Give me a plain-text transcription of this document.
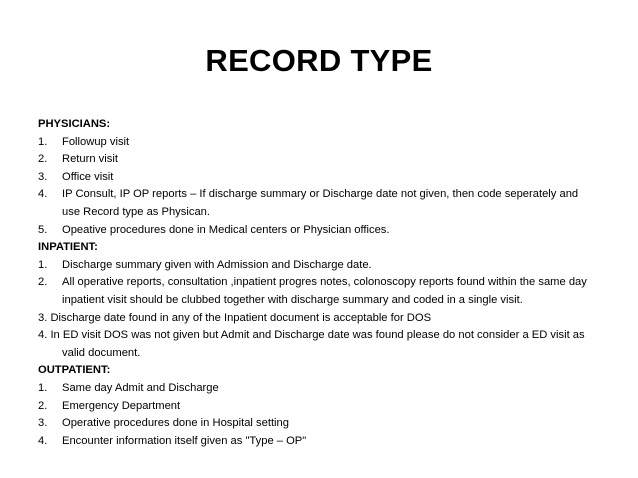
RECORD TYPE
PHYSICIANS:
1.	Followup visit
2.	Return visit
3.	Office visit
4.	IP Consult, IP OP reports – If discharge summary or Discharge date not given, then code seperately and use Record type as Physican.
5.	Opeative procedures done in Medical centers or Physician offices.
INPATIENT:
1.	Discharge summary given with Admission and Discharge date.
2.	All operative reports, consultation ,inpatient progres notes, colonoscopy reports found within the same day inpatient visit should be clubbed together with discharge summary and coded in a single visit.
3. Discharge date found in any of the Inpatient document is acceptable for DOS
4. In ED visit DOS was not given but Admit and Discharge date was found please do not consider a ED visit as valid document.
OUTPATIENT:
1.	Same day Admit and Discharge
2.	Emergency Department
3.	Operative procedures done in Hospital setting
4.	Encounter information itself given as "Type – OP"
